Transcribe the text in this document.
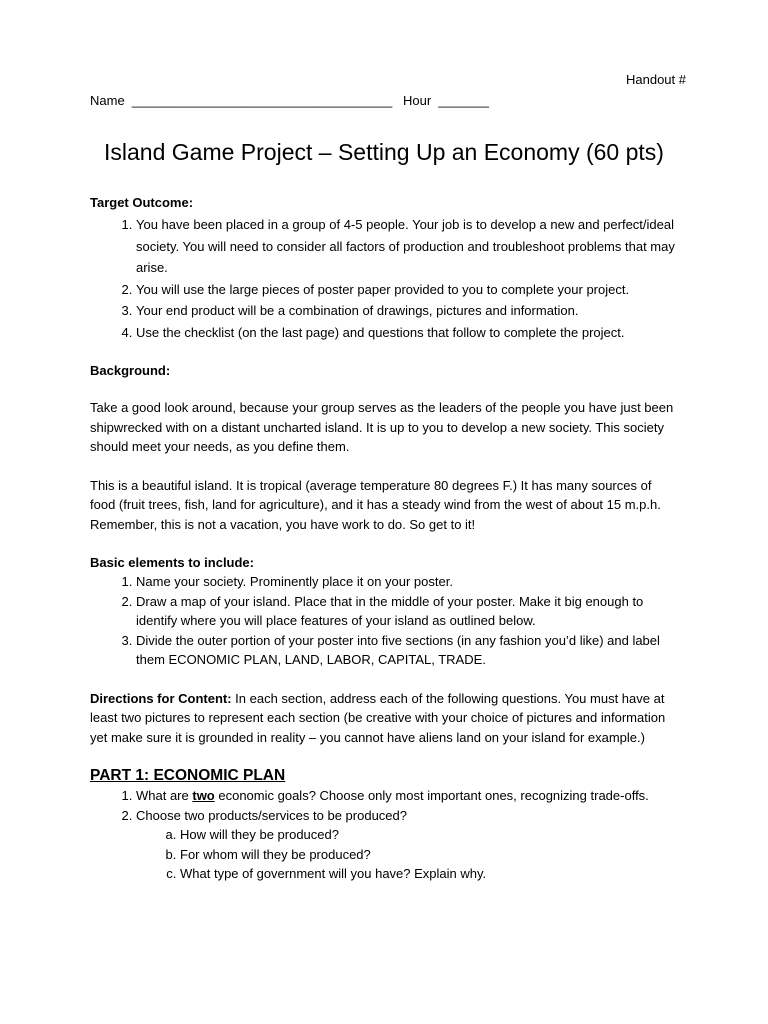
Handout #
Name  ____________________________________   Hour  _______
Island Game Project – Setting Up an Economy (60 pts)

Target Outcome:

1. You have been placed in a group of 4-5 people. Your job is to develop a new and perfect/ideal society. You will need to consider all factors of production and troubleshoot problems that may arise.
2. You will use the large pieces of poster paper provided to you to complete your project.
3. Your end product will be a combination of drawings, pictures and information.
4. Use the checklist (on the last page) and questions that follow to complete the project.

Background:

Take a good look around, because your group serves as the leaders of the people you have just been shipwrecked with on a distant uncharted island. It is up to you to develop a new society. This society should meet your needs, as you define them.

This is a beautiful island. It is tropical (average temperature 80 degrees F.) It has many sources of food (fruit trees, fish, land for agriculture), and it has a steady wind from the west of about 15 m.p.h. Remember, this is not a vacation, you have work to do. So get to it!

Basic elements to include:

1. Name your society. Prominently place it on your poster.
2. Draw a map of your island. Place that in the middle of your poster. Make it big enough to identify where you will place features of your island as outlined below.
3. Divide the outer portion of your poster into five sections (in any fashion you’d like) and label them ECONOMIC PLAN, LAND, LABOR, CAPITAL, TRADE.

Directions for Content: In each section, address each of the following questions. You must have at least two pictures to represent each section (be creative with your choice of pictures and information yet make sure it is grounded in reality – you cannot have aliens land on your island for example.)

PART 1: ECONOMIC PLAN

1. What are two economic goals? Choose only most important ones, recognizing trade-offs.
2. Choose two products/services to be produced?
a. How will they be produced?
b. For whom will they be produced?
c. What type of government will you have? Explain why.
